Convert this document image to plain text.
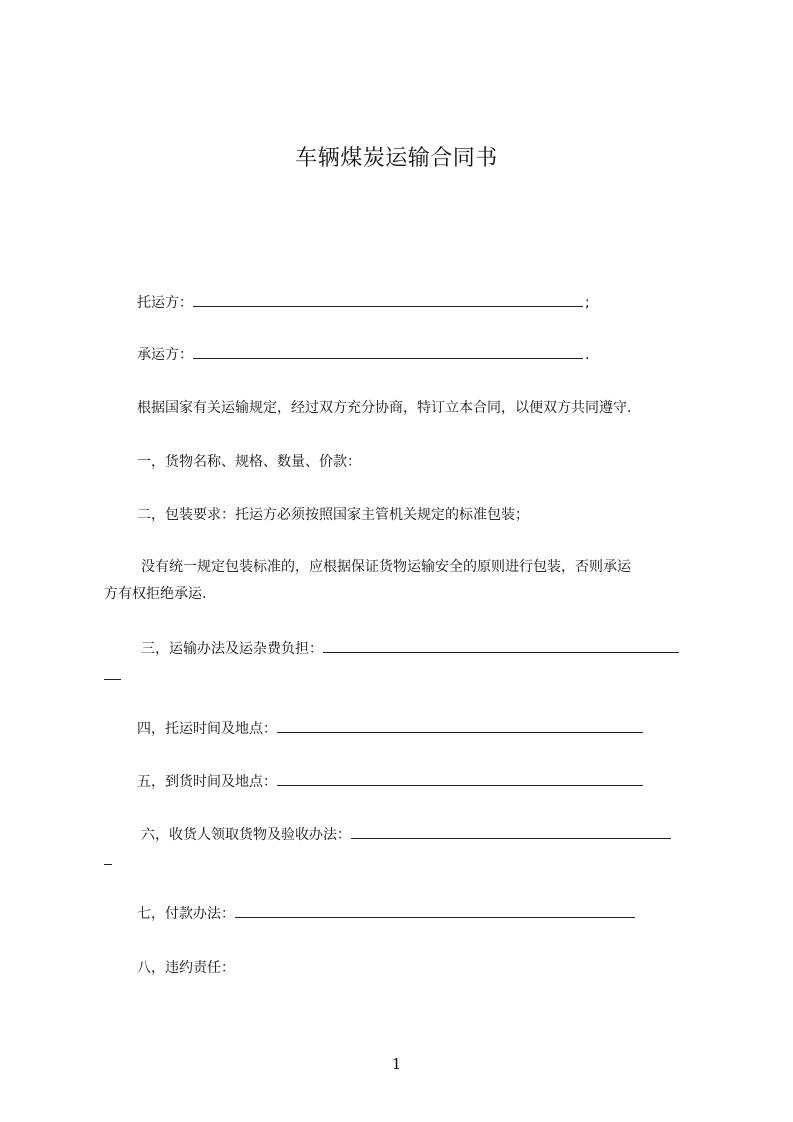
车辆煤炭运输合同书
托运方：	;
承运方：	.
根据国家有关运输规定，经过双方充分协商，特订立本合同，以便双方共同遵守.
一，货物名称、规格、数量、价款：
二，包装要求：托运方必须按照国家主管机关规定的标准包装；
没有统一规定包装标准的，应根据保证货物运输安全的原则进行包装，否则承运
方有权拒绝承运.
三，运输办法及运杂费负担：
四，托运时间及地点：
五，到货时间及地点：
六，收货人领取货物及验收办法：
七，付款办法：
八，违约责任：
1
